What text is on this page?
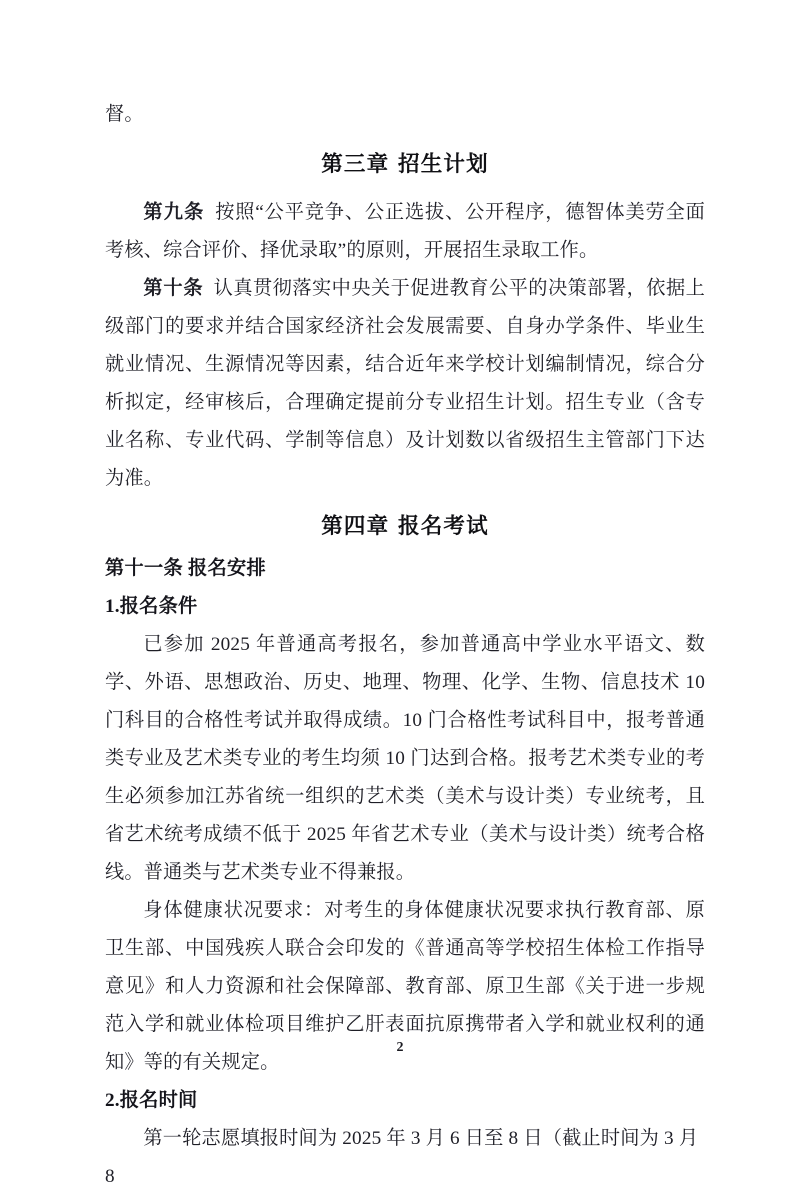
督。

第三章 招生计划

第九条 按照“公平竞争、公正选拔、公开程序，德智体美劳全面考核、综合评价、择优录取”的原则，开展招生录取工作。

第十条 认真贯彻落实中央关于促进教育公平的决策部署，依据上级部门的要求并结合国家经济社会发展需要、自身办学条件、毕业生就业情况、生源情况等因素，结合近年来学校计划编制情况，综合分析拟定，经审核后，合理确定提前分专业招生计划。招生专业（含专业名称、专业代码、学制等信息）及计划数以省级招生主管部门下达为准。

第四章 报名考试
第十一条 报名安排
1.报名条件

已参加 2025 年普通高考报名，参加普通高中学业水平语文、数学、外语、思想政治、历史、地理、物理、化学、生物、信息技术 10 门科目的合格性考试并取得成绩。10 门合格性考试科目中，报考普通类专业及艺术类专业的考生均须 10 门达到合格。报考艺术类专业的考生必须参加江苏省统一组织的艺术类（美术与设计类）专业统考，且省艺术统考成绩不低于 2025 年省艺术专业（美术与设计类）统考合格线。普通类与艺术类专业不得兼报。

身体健康状况要求：对考生的身体健康状况要求执行教育部、原卫生部、中国残疾人联合会印发的《普通高等学校招生体检工作指导意见》和人力资源和社会保障部、教育部、原卫生部《关于进一步规范入学和就业体检项目维护乙肝表面抗原携带者入学和就业权利的通知》等的有关规定。

2.报名时间

第一轮志愿填报时间为 2025 年 3 月 6 日至 8 日（截止时间为 3 月 8

2
